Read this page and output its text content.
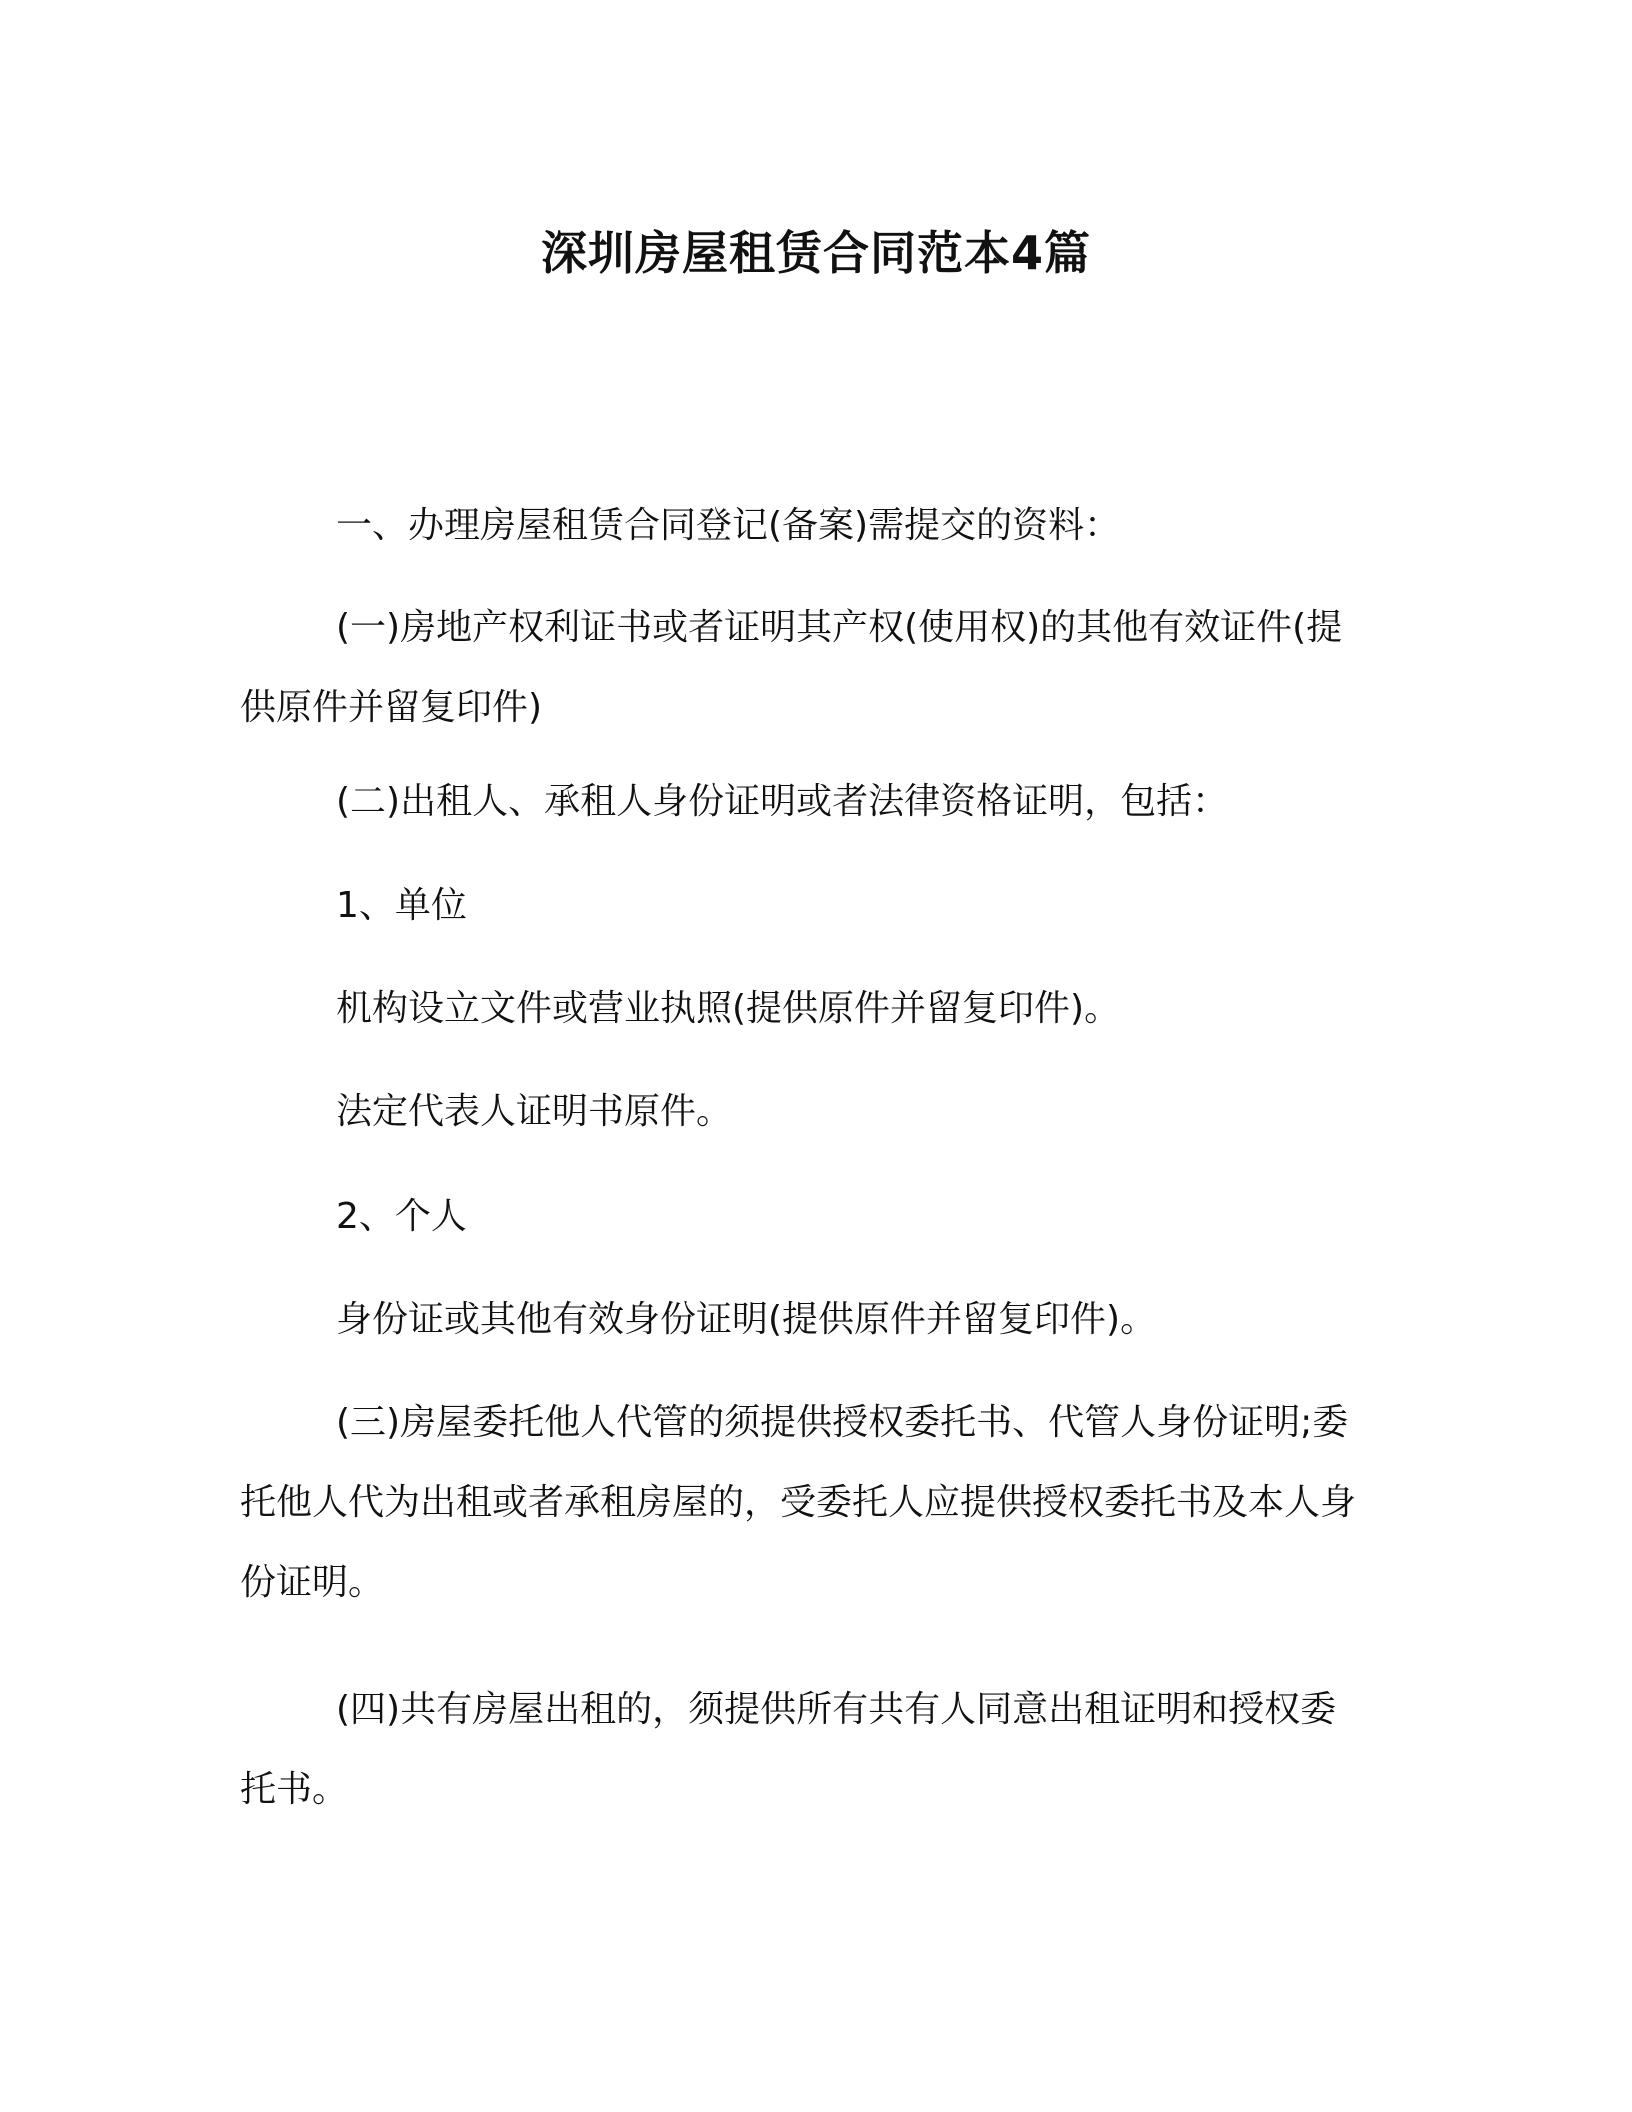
深圳房屋租赁合同范本4篇

一、办理房屋租赁合同登记(备案)需提交的资料：

(一)房地产权利证书或者证明其产权(使用权)的其他有效证件(提供原件并留复印件)

(二)出租人、承租人身份证明或者法律资格证明，包括：

1、单位

机构设立文件或营业执照(提供原件并留复印件)。

法定代表人证明书原件。

2、个人

身份证或其他有效身份证明(提供原件并留复印件)。

(三)房屋委托他人代管的须提供授权委托书、代管人身份证明;委托他人代为出租或者承租房屋的，受委托人应提供授权委托书及本人身份证明。

(四)共有房屋出租的，须提供所有共有人同意出租证明和授权委托书。
